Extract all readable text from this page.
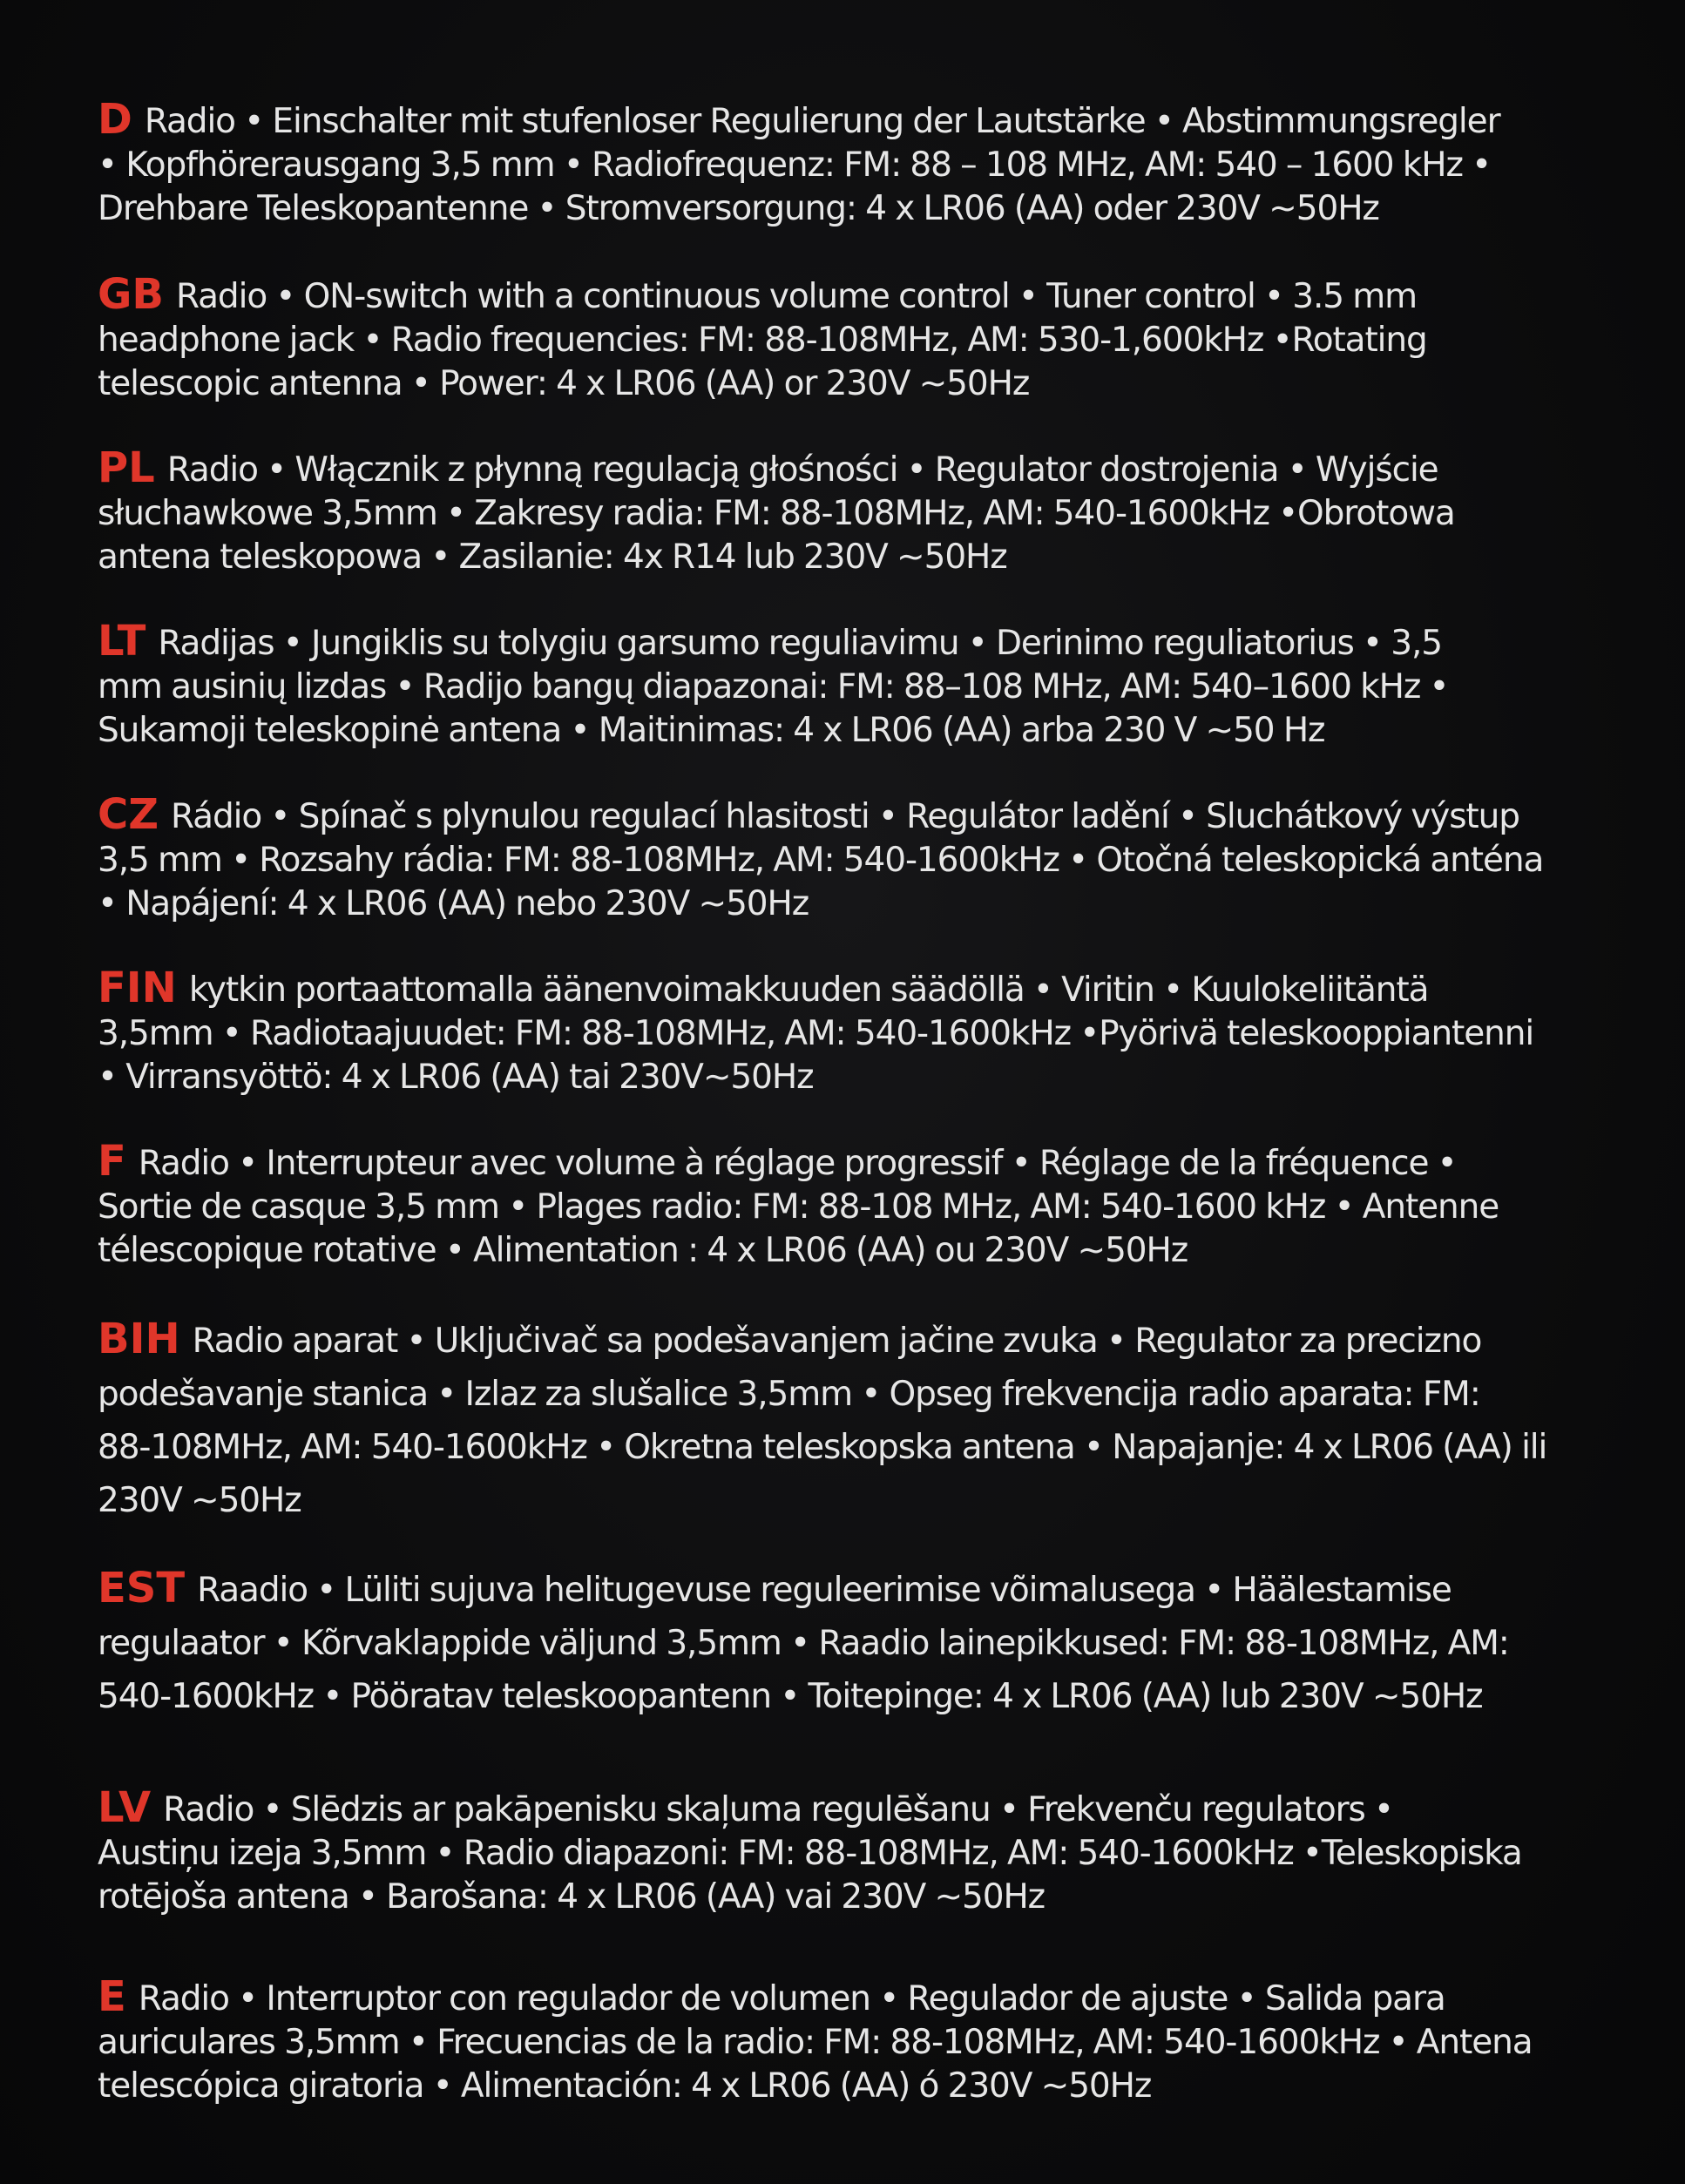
D Radio • Einschalter mit stufenloser Regulierung der Lautstärke • Abstimmungsregler
• Kopfhörerausgang 3,5 mm • Radiofrequenz: FM: 88 – 108 MHz, AM: 540 – 1600 kHz •
Drehbare Teleskopantenne • Stromversorgung: 4 x LR06 (AA) oder 230V ~50Hz

GB Radio • ON-switch with a continuous volume control • Tuner control • 3.5 mm
headphone jack • Radio frequencies: FM: 88-108MHz, AM: 530-1,600kHz •Rotating
telescopic antenna • Power: 4 x LR06 (AA) or 230V ~50Hz

PL Radio • Włącznik z płynną regulacją głośności • Regulator dostrojenia • Wyjście
słuchawkowe 3,5mm • Zakresy radia: FM: 88-108MHz, AM: 540-1600kHz •Obrotowa
antena teleskopowa • Zasilanie: 4x R14 lub 230V ~50Hz

LT Radijas • Jungiklis su tolygiu garsumo reguliavimu • Derinimo reguliatorius • 3,5
mm ausinių lizdas • Radijo bangų diapazonai: FM: 88–108 MHz, AM: 540–1600 kHz •
Sukamoji teleskopinė antena • Maitinimas: 4 x LR06 (AA) arba 230 V ~50 Hz

CZ Rádio • Spínač s plynulou regulací hlasitosti • Regulátor ladění • Sluchátkový výstup
3,5 mm • Rozsahy rádia: FM: 88-108MHz, AM: 540-1600kHz • Otočná teleskopická anténa
• Napájení: 4 x LR06 (AA) nebo 230V ~50Hz

FIN kytkin portaattomalla äänenvoimakkuuden säädöllä • Viritin • Kuulokeliitäntä
3,5mm • Radiotaajuudet: FM: 88-108MHz, AM: 540-1600kHz •Pyörivä teleskooppiantenni
• Virransyöttö: 4 x LR06 (AA) tai 230V~50Hz

F Radio • Interrupteur avec volume à réglage progressif • Réglage de la fréquence •
Sortie de casque 3,5 mm • Plages radio: FM: 88-108 MHz, AM: 540-1600 kHz • Antenne
télescopique rotative • Alimentation : 4 x LR06 (AA) ou 230V ~50Hz

BIH Radio aparat • Uključivač sa podešavanjem jačine zvuka • Regulator za precizno
podešavanje stanica • Izlaz za slušalice 3,5mm • Opseg frekvencija radio aparata: FM:
88-108MHz, AM: 540-1600kHz • Okretna teleskopska antena • Napajanje: 4 x LR06 (AA) ili
230V ~50Hz

EST Raadio • Lüliti sujuva helitugevuse reguleerimise võimalusega • Häälestamise
regulaator • Kõrvaklappide väljund 3,5mm • Raadio lainepikkused: FM: 88-108MHz, AM:
540-1600kHz • Pööratav teleskoopantenn • Toitepinge: 4 x LR06 (AA) lub 230V ~50Hz

LV Radio • Slēdzis ar pakāpenisku skaļuma regulēšanu • Frekvenču regulators •
Austiņu izeja 3,5mm • Radio diapazoni: FM: 88-108MHz, AM: 540-1600kHz •Teleskopiska
rotējoša antena • Barošana: 4 x LR06 (AA) vai 230V ~50Hz

E Radio • Interruptor con regulador de volumen • Regulador de ajuste • Salida para
auriculares 3,5mm • Frecuencias de la radio: FM: 88-108MHz, AM: 540-1600kHz • Antena
telescópica giratoria • Alimentación: 4 x LR06 (AA) ó 230V ~50Hz
